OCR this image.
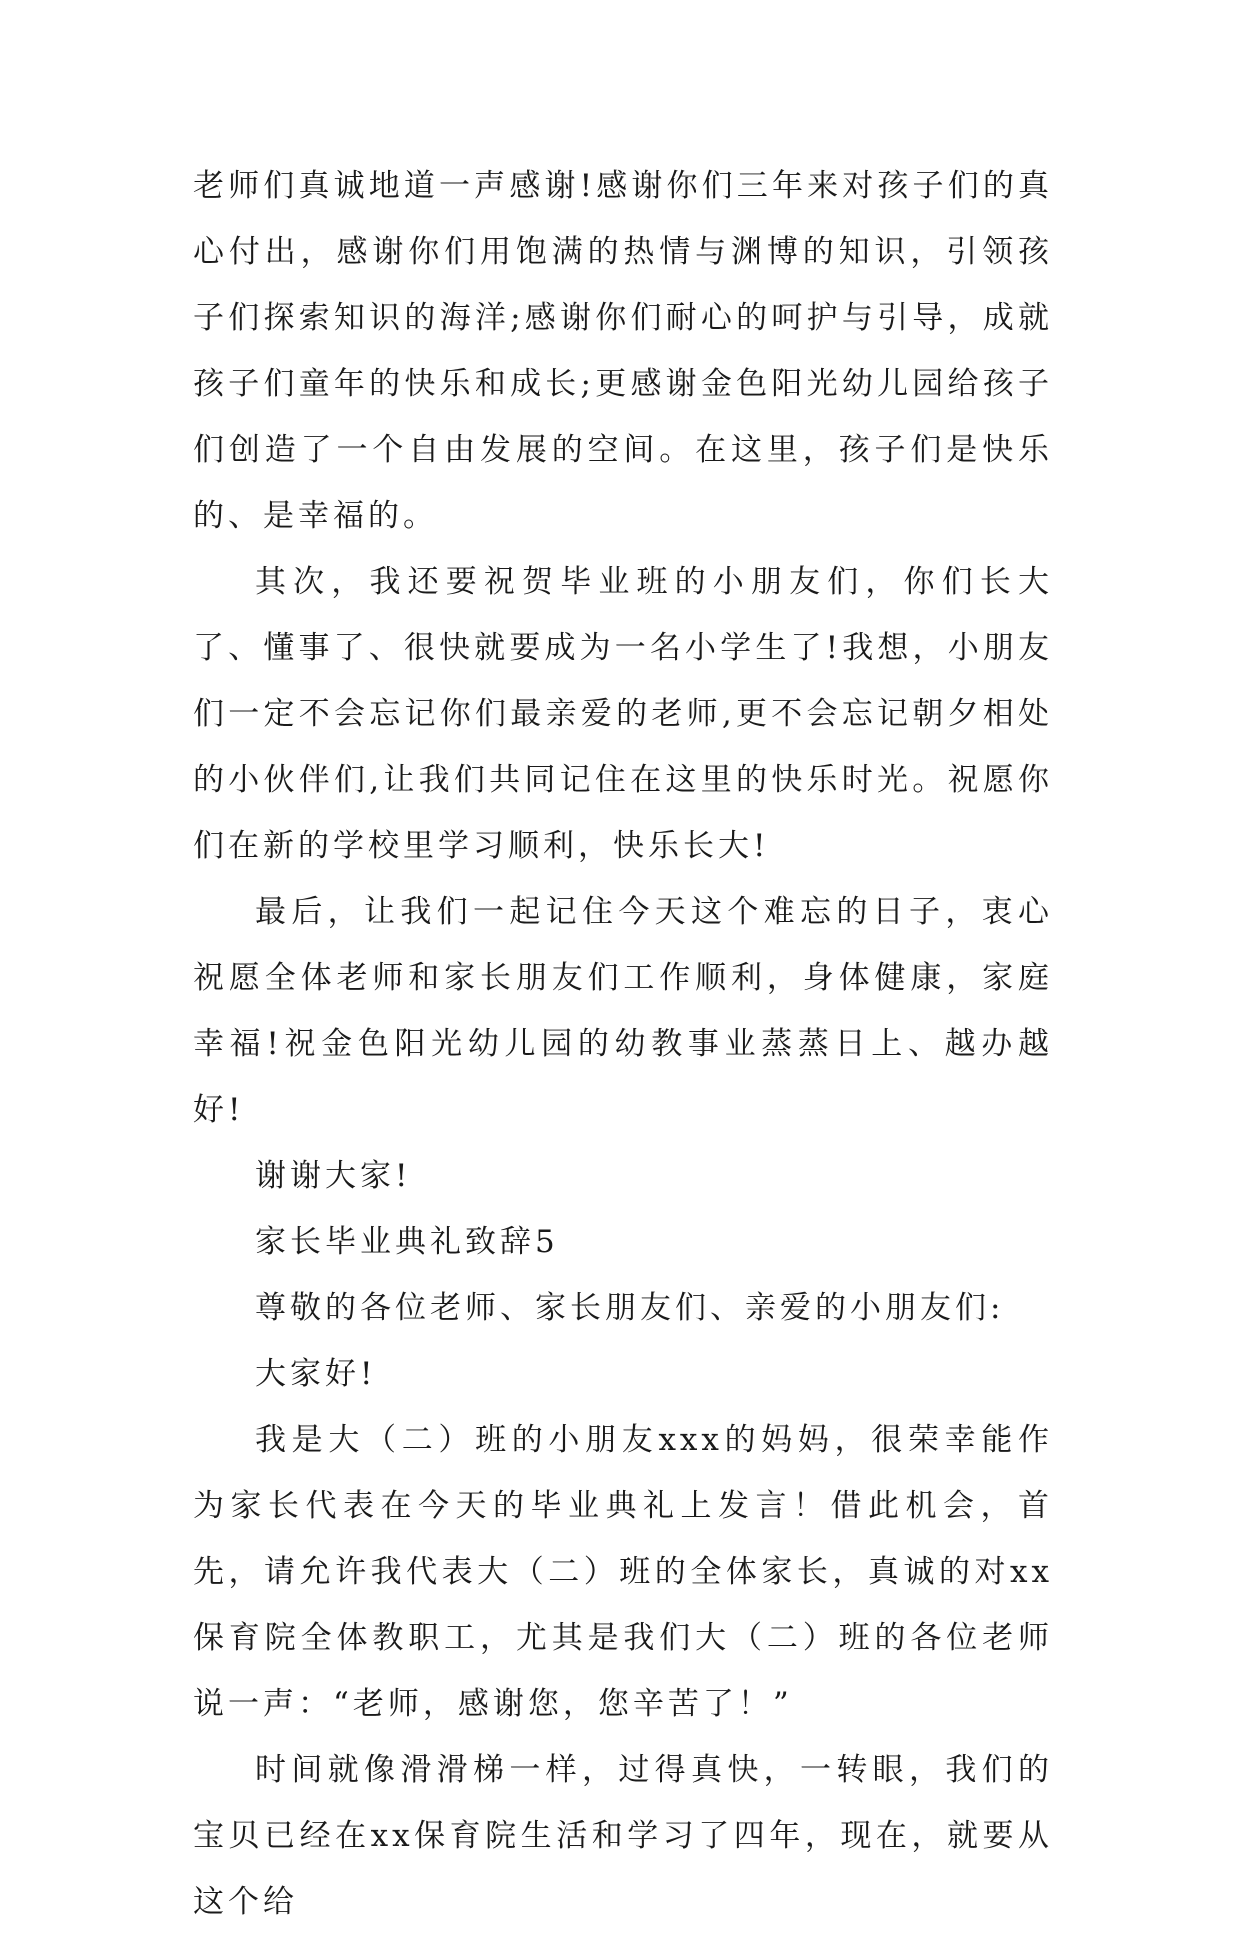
老师们真诚地道一声感谢!感谢你们三年来对孩子们的真心付出，感谢你们用饱满的热情与渊博的知识，引领孩子们探索知识的海洋;感谢你们耐心的呵护与引导，成就孩子们童年的快乐和成长;更感谢金色阳光幼儿园给孩子们创造了一个自由发展的空间。在这里，孩子们是快乐的、是幸福的。

其次，我还要祝贺毕业班的小朋友们，你们长大了、懂事了、很快就要成为一名小学生了!我想，小朋友们一定不会忘记你们最亲爱的老师,更不会忘记朝夕相处的小伙伴们,让我们共同记住在这里的快乐时光。祝愿你们在新的学校里学习顺利，快乐长大!

最后，让我们一起记住今天这个难忘的日子，衷心祝愿全体老师和家长朋友们工作顺利，身体健康，家庭幸福!祝金色阳光幼儿园的幼教事业蒸蒸日上、越办越好!

谢谢大家!

家长毕业典礼致辞5

尊敬的各位老师、家长朋友们、亲爱的小朋友们:

大家好!

我是大（二）班的小朋友xxx的妈妈，很荣幸能作为家长代表在今天的毕业典礼上发言！借此机会，首先，请允许我代表大（二）班的全体家长，真诚的对xx保育院全体教职工，尤其是我们大（二）班的各位老师说一声：“老师，感谢您，您辛苦了！”

时间就像滑滑梯一样，过得真快，一转眼，我们的宝贝已经在xx保育院生活和学习了四年，现在，就要从这个给
